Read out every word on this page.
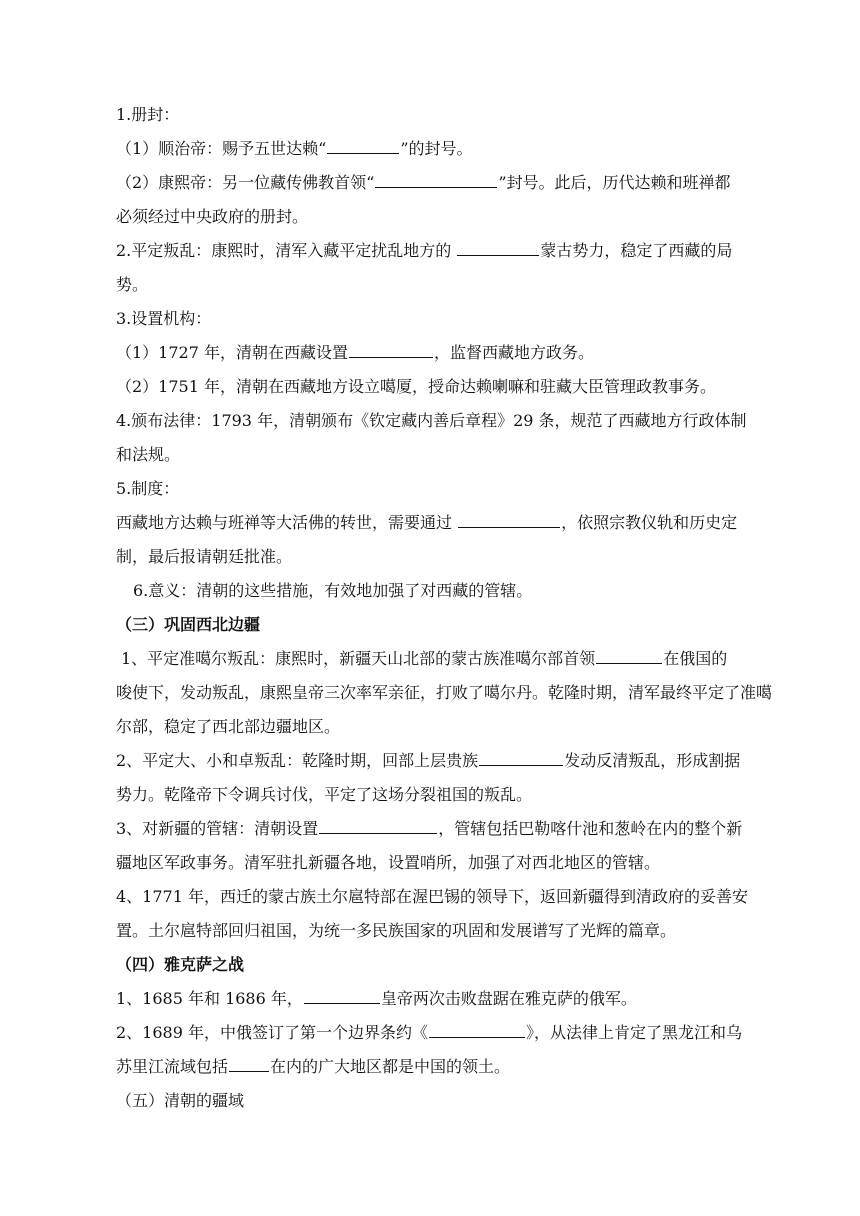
1.册封：
（1）顺治帝：赐予五世达赖“	”的封号。
（2）康熙帝：另一位藏传佛教首领“	”封号。此后，历代达赖和班禅都
必须经过中央政府的册封。
2.平定叛乱：康熙时，清军入藏平定扰乱地方的	蒙古势力，稳定了西藏的局
势。
3.设置机构：
（1）1727 年，清朝在西藏设置	，监督西藏地方政务。
（2）1751 年，清朝在西藏地方设立噶厦，授命达赖喇嘛和驻藏大臣管理政教事务。
4.颁布法律：1793 年，清朝颁布《钦定藏内善后章程》29 条，规范了西藏地方行政体制
和法规。
5.制度：
西藏地方达赖与班禅等大活佛的转世，需要通过	，依照宗教仪轨和历史定
制，最后报请朝廷批准。
6.意义：清朝的这些措施，有效地加强了对西藏的管辖。
（三）巩固西北边疆
1、平定准噶尔叛乱：康熙时，新疆天山北部的蒙古族准噶尔部首领	在俄国的
唆使下，发动叛乱，康熙皇帝三次率军亲征，打败了噶尔丹。乾隆时期，清军最终平定了准噶
尔部，稳定了西北部边疆地区。
2、平定大、小和卓叛乱：乾隆时期，回部上层贵族	发动反清叛乱，形成割据
势力。乾隆帝下令调兵讨伐，平定了这场分裂祖国的叛乱。
3、对新疆的管辖：清朝设置	，管辖包括巴勒喀什池和葱岭在内的整个新
疆地区军政事务。清军驻扎新疆各地，设置哨所，加强了对西北地区的管辖。
4、1771 年，西迁的蒙古族土尔扈特部在渥巴锡的领导下，返回新疆得到清政府的妥善安
置。土尔扈特部回归祖国，为统一多民族国家的巩固和发展谱写了光辉的篇章。
（四）雅克萨之战
1、1685 年和 1686 年，	皇帝两次击败盘踞在雅克萨的俄军。
2、1689 年，中俄签订了第一个边界条约《	》，从法律上肯定了黑龙江和乌
苏里江流域包括	在内的广大地区都是中国的领土。
（五）清朝的疆域
